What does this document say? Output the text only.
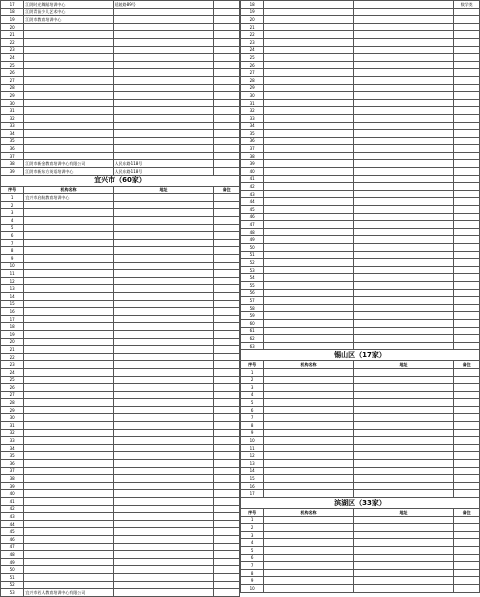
17	江阴时光舞蹈培训中心	延陵路89号	
18	江阴青苗少儿艺术中心		
19	江阴市教育培训中心		
20			
21			
22			
23			
24			
25			
26			
27			
28			
29			
30			
31			
32			
33			
34			
35			
36			
37			
38	江阴市新金教育培训中心有限公司	人民东路118号	
39	江阴市新东方英语培训中心	人民东路118号	
宜兴市（60家）			
序号	机构名称	地址	备注
1	宜兴市启航教育培训中心		
2			
3			
4			
5			
6			
7			
8			
9			
10			
11			
12			
13			
14			
15			
16			
17			
18			
19			
20			
21			
22			
23			
24			
25			
26			
27			
28			
29			
30			
31			
32			
33			
34			
35			
36			
37			
38			
39			
40			
41			
42			
43			
44			
45			
46			
47			
48			
49			
50			
51			
52			
53	宜兴市若人教育培训中心有限公司		
18			数学类
19			
20			
21			
22			
23			
24			
25			
26			
27			
28			
29			
30			
31			
32			
33			
34			
35			
36			
37			
38			
39			
40			
41			
42			
43			
44			
45			
46			
47			
48			
49			
50			
51			
52			
53			
54			
55			
56			
57			
58			
59			
60			
61			
62			
63			
锡山区（17家）			
序号	机构名称	地址	备注
1			
2			
3			
4			
5			
6			
7			
8			
9			
10			
11			
12			
13			
14			
15			
16			
17			
滨湖区（33家）			
序号	机构名称	地址	备注
1			
2			
3			
4			
5			
6			
7			
8			
9			
10			
